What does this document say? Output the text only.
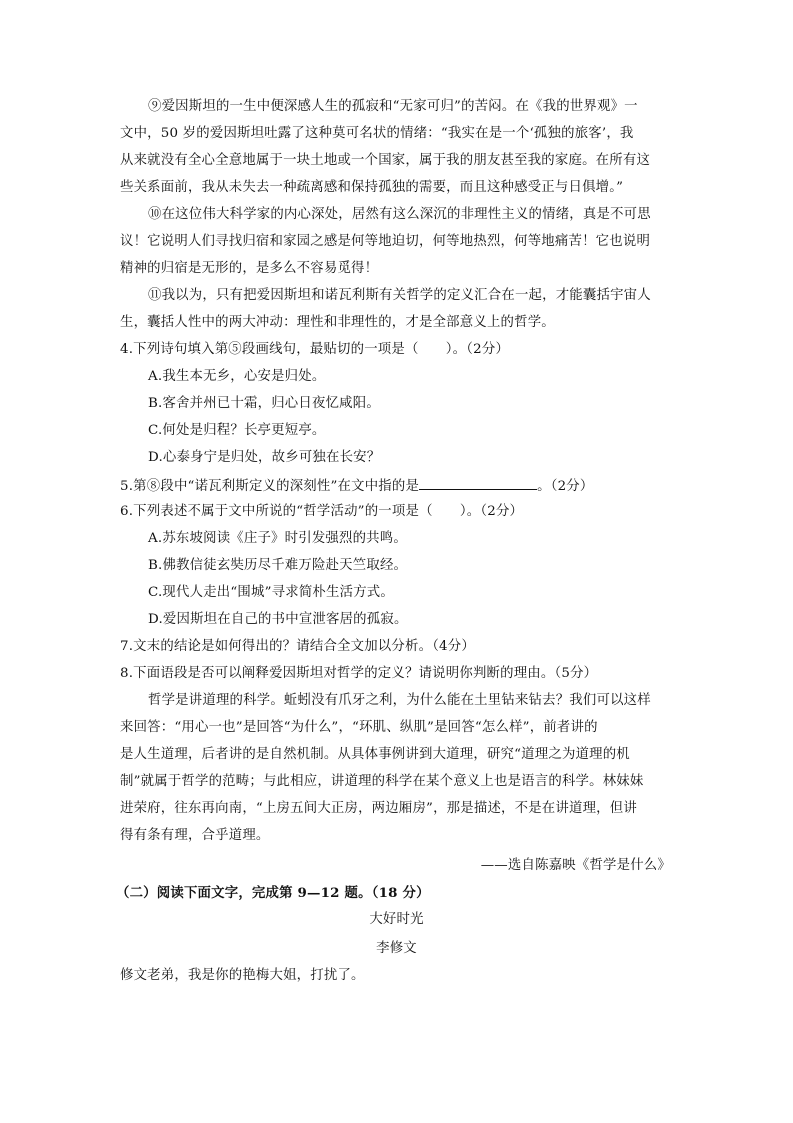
⑨爱因斯坦的一生中便深感人生的孤寂和“无家可归”的苦闷。在《我的世界观》一
文中，50 岁的爱因斯坦吐露了这种莫可名状的情绪：“我实在是一个‘孤独的旅客’，我
从来就没有全心全意地属于一块土地或一个国家，属于我的朋友甚至我的家庭。在所有这
些关系面前，我从未失去一种疏离感和保持孤独的需要，而且这种感受正与日俱增。”
⑩在这位伟大科学家的内心深处，居然有这么深沉的非理性主义的情绪，真是不可思
议！它说明人们寻找归宿和家园之感是何等地迫切，何等地热烈，何等地痛苦！它也说明
精神的归宿是无形的，是多么不容易觅得！
⑪我以为，只有把爱因斯坦和诺瓦利斯有关哲学的定义汇合在一起，才能囊括宇宙人
生，囊括人性中的两大冲动：理性和非理性的，才是全部意义上的哲学。
4.下列诗句填入第⑤段画线句，最贴切的一项是（　　）。（2分）
A.我生本无乡，心安是归处。
B.客舍并州已十霜，归心日夜忆咸阳。
C.何处是归程？长亭更短亭。
D.心泰身宁是归处，故乡可独在长安？
5.第⑧段中“诺瓦利斯定义的深刻性”在文中指的是	。（2分）
6.下列表述不属于文中所说的“哲学活动”的一项是（　　）。（2分）
A.苏东坡阅读《庄子》时引发强烈的共鸣。
B.佛教信徒玄奘历尽千难万险赴天竺取经。
C.现代人走出“围城”寻求简朴生活方式。
D.爱因斯坦在自己的书中宣泄客居的孤寂。
7.文末的结论是如何得出的？请结合全文加以分析。（4分）
8.下面语段是否可以阐释爱因斯坦对哲学的定义？请说明你判断的理由。（5分）
哲学是讲道理的科学。蚯蚓没有爪牙之利，为什么能在土里钻来钻去？我们可以这样
来回答：“用心一也”是回答“为什么”，“环肌、纵肌”是回答“怎么样”，前者讲的
是人生道理，后者讲的是自然机制。从具体事例讲到大道理，研究“道理之为道理的机
制”就属于哲学的范畴；与此相应，讲道理的科学在某个意义上也是语言的科学。林妹妹
进荣府，往东再向南，“上房五间大正房，两边厢房”，那是描述，不是在讲道理，但讲
得有条有理，合乎道理。
——选自陈嘉映《哲学是什么》
（二）阅读下面文字，完成第 9—12 题。（18 分）
大好时光
李修文
修文老弟，我是你的艳梅大姐，打扰了。
